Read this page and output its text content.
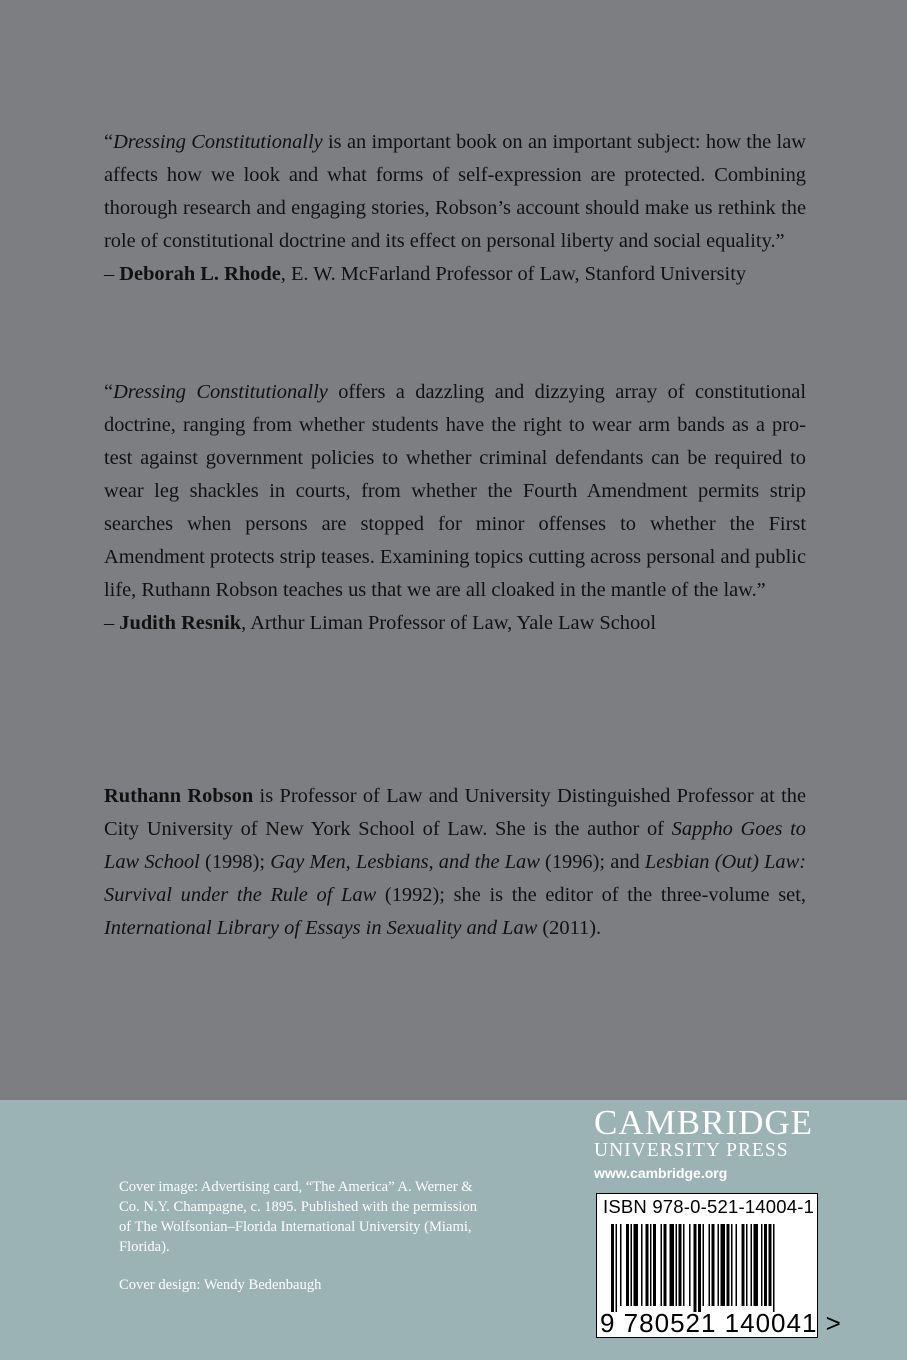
“Dressing Constitutionally is an important book on an important subject: how the law affects how we look and what forms of self-expression are protected. Combining thorough research and engaging stories, Robson’s account should make us rethink the role of constitutional doctrine and its effect on personal liberty and social equality.”

– Deborah L. Rhode, E. W. McFarland Professor of Law, Stanford University

“Dressing Constitutionally offers a dazzling and dizzying array of constitutional doctrine, ranging from whether students have the right to wear arm bands as a pro-test against government policies to whether criminal defendants can be required to wear leg shackles in courts, from whether the Fourth Amendment permits strip searches when persons are stopped for minor offenses to whether the First Amendment protects strip teases. Examining topics cutting across personal and public life, Ruthann Robson teaches us that we are all cloaked in the mantle of the law.”

– Judith Resnik, Arthur Liman Professor of Law, Yale Law School

Ruthann Robson is Professor of Law and University Distinguished Professor at the City University of New York School of Law. She is the author of Sappho Goes to Law School (1998); Gay Men, Lesbians, and the Law (1996); and Lesbian (Out) Law: Survival under the Rule of Law (1992); she is the editor of the three-volume set, International Library of Essays in Sexuality and Law (2011).

Cover image: Advertising card, “The America” A. Werner & Co. N.Y. Champagne, c. 1895. Published with the permission of The Wolfsonian–Florida International University (Miami, Florida).

Cover design: Wendy Bedenbaugh

CAMBRIDGE
UNIVERSITY PRESS
www.cambridge.org
ISBN 978-0-521-14004-1
9 780521 140041 >
